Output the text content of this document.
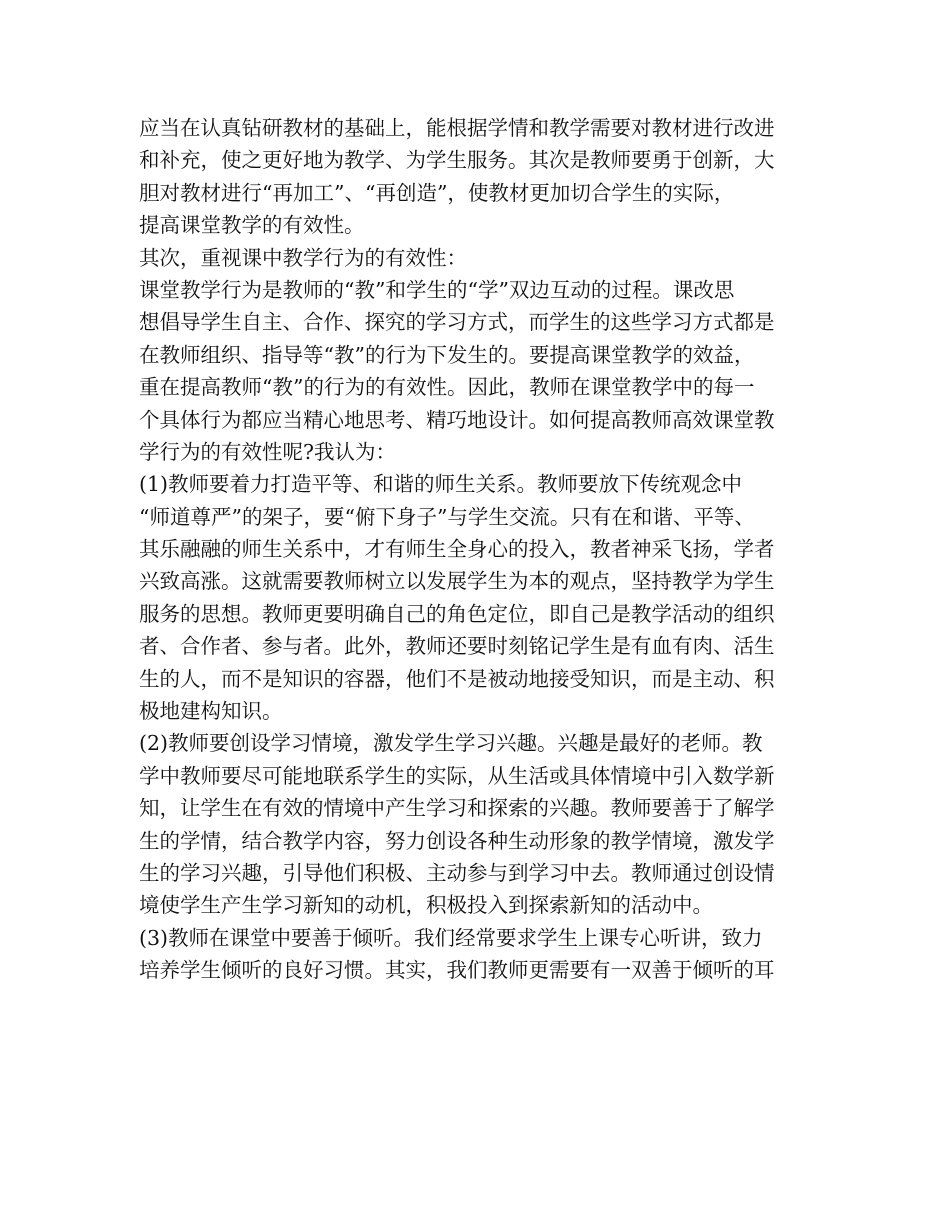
应当在认真钻研教材的基础上，能根据学情和教学需要对教材进行改进
和补充，使之更好地为教学、为学生服务。其次是教师要勇于创新，大
胆对教材进行“再加工”、“再创造”，使教材更加切合学生的实际，
提高课堂教学的有效性。
其次，重视课中教学行为的有效性：
课堂教学行为是教师的“教”和学生的“学”双边互动的过程。课改思
想倡导学生自主、合作、探究的学习方式，而学生的这些学习方式都是
在教师组织、指导等“教”的行为下发生的。要提高课堂教学的效益，
重在提高教师“教”的行为的有效性。因此，教师在课堂教学中的每一
个具体行为都应当精心地思考、精巧地设计。如何提高教师高效课堂教
学行为的有效性呢?我认为：
(1)教师要着力打造平等、和谐的师生关系。教师要放下传统观念中
“师道尊严”的架子，要“俯下身子”与学生交流。只有在和谐、平等、
其乐融融的师生关系中，才有师生全身心的投入，教者神采飞扬，学者
兴致高涨。这就需要教师树立以发展学生为本的观点，坚持教学为学生
服务的思想。教师更要明确自己的角色定位，即自己是教学活动的组织
者、合作者、参与者。此外，教师还要时刻铭记学生是有血有肉、活生
生的人，而不是知识的容器，他们不是被动地接受知识，而是主动、积
极地建构知识。
(2)教师要创设学习情境，激发学生学习兴趣。兴趣是最好的老师。教
学中教师要尽可能地联系学生的实际，从生活或具体情境中引入数学新
知，让学生在有效的情境中产生学习和探索的兴趣。教师要善于了解学
生的学情，结合教学内容，努力创设各种生动形象的教学情境，激发学
生的学习兴趣，引导他们积极、主动参与到学习中去。教师通过创设情
境使学生产生学习新知的动机，积极投入到探索新知的活动中。
(3)教师在课堂中要善于倾听。我们经常要求学生上课专心听讲，致力
培养学生倾听的良好习惯。其实，我们教师更需要有一双善于倾听的耳
